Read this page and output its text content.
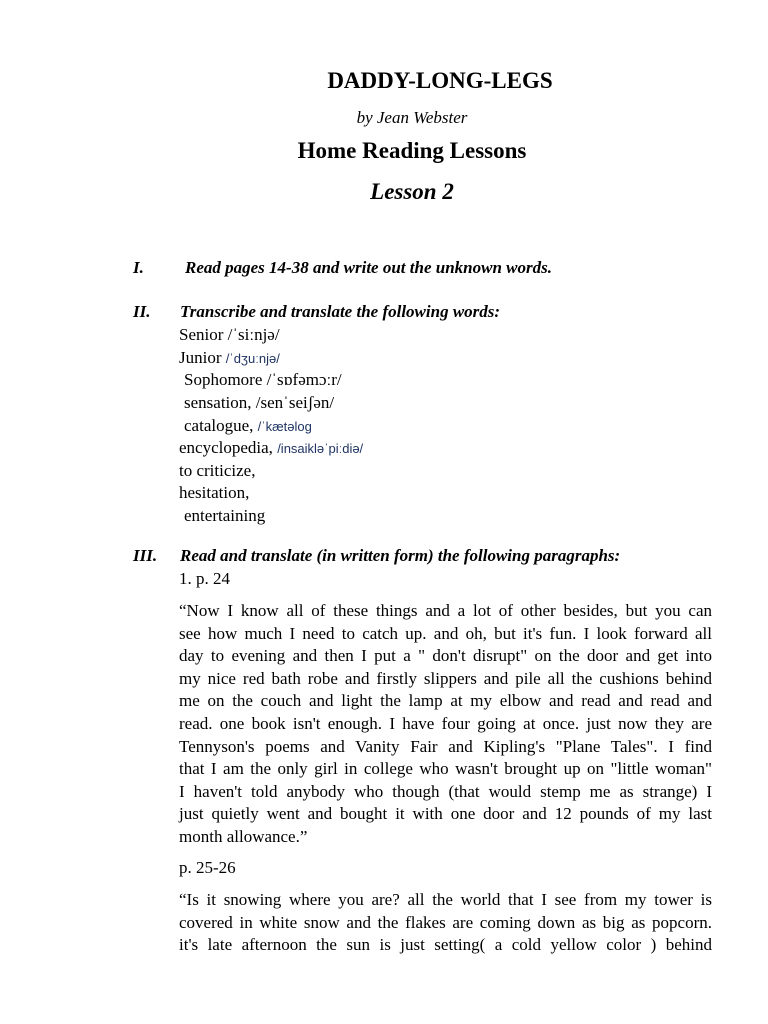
DADDY-LONG-LEGS
by Jean Webster
Home Reading Lessons
Lesson 2
I. Read pages 14-38 and write out the unknown words.
II. Transcribe and translate the following words:
Senior /ˈsiːnjə/
Junior /ˈdʒuːnjə/
Sophomore /ˈsɒfəmɔːr/
sensation, /senˈseiʃən/
catalogue, /ˈkætəlog
encyclopedia, /insaikləˈpiːdiə/
to criticize,
hesitation,
entertaining
III. Read and translate (in written form) the following paragraphs:
1. p. 24
“Now I know all of these things and a lot of other besides, but you can
see how much I need to catch up. and oh, but it's fun. I look forward all
day to evening and then I put a " don't disrupt" on the door and get into
my nice red bath robe and firstly slippers and pile all the cushions behind
me on the couch and light the lamp at my elbow and read and read and
read. one book isn't enough. I have four going at once. just now they are
Tennyson's poems and Vanity Fair and Kipling's "Plane Tales". I find
that I am the only girl in college who wasn't brought up on "little woman"
I haven't told anybody who though (that would stemp me as strange) I
just quietly went and bought it with one door and 12 pounds of my last
month allowance.”
p. 25-26
“Is it snowing where you are? all the world that I see from my tower is
covered in white snow and the flakes are coming down as big as popcorn.
it's late afternoon the sun is just setting( a cold yellow color ) behind
